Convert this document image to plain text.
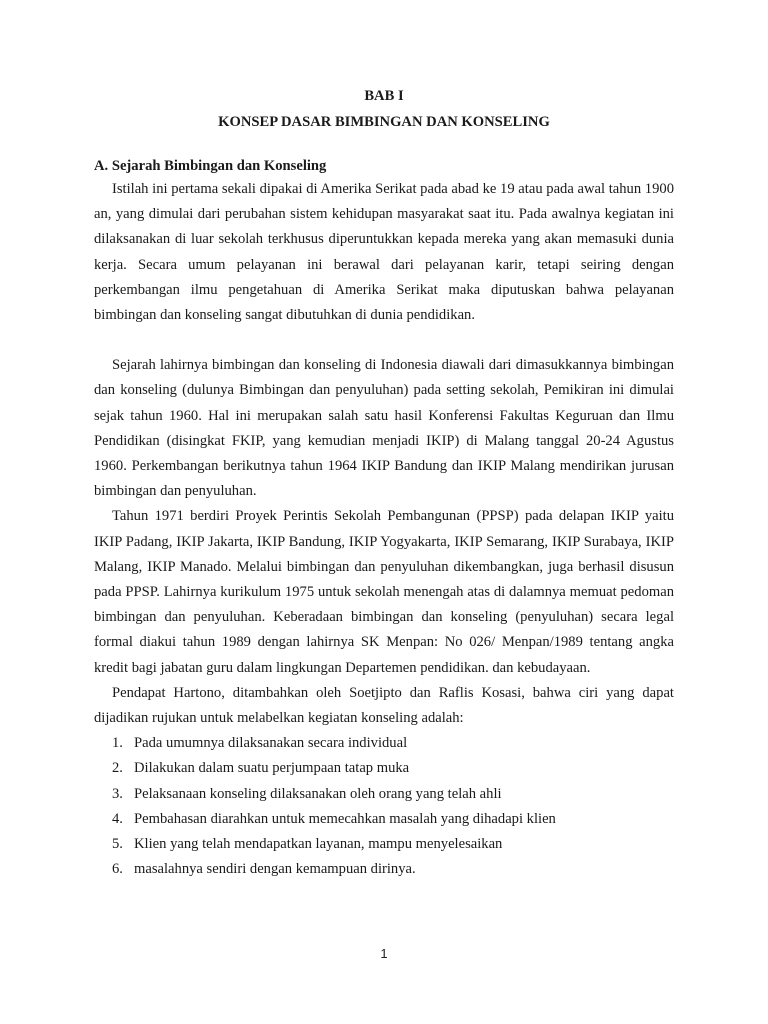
BAB I
KONSEP DASAR BIMBINGAN DAN KONSELING
A. Sejarah Bimbingan dan Konseling

Istilah ini pertama sekali dipakai di Amerika Serikat pada abad ke 19 atau pada awal tahun 1900 an, yang dimulai dari perubahan sistem kehidupan masyarakat saat itu. Pada awalnya kegiatan ini dilaksanakan di luar sekolah terkhusus diperuntukkan kepada mereka yang akan memasuki dunia kerja. Secara umum pelayanan ini berawal dari pelayanan karir, tetapi seiring dengan perkembangan ilmu pengetahuan di Amerika Serikat maka diputuskan bahwa pelayanan bimbingan dan konseling sangat dibutuhkan di dunia pendidikan.

Sejarah lahirnya bimbingan dan konseling di Indonesia diawali dari dimasukkannya bimbingan dan konseling (dulunya Bimbingan dan penyuluhan) pada setting sekolah, Pemikiran ini dimulai sejak tahun 1960. Hal ini merupakan salah satu hasil Konferensi Fakultas Keguruan dan Ilmu Pendidikan (disingkat FKIP, yang kemudian menjadi IKIP) di Malang tanggal 20-24 Agustus 1960. Perkembangan berikutnya tahun 1964 IKIP Bandung dan IKIP Malang mendirikan jurusan bimbingan dan penyuluhan.

Tahun 1971 berdiri Proyek Perintis Sekolah Pembangunan (PPSP) pada delapan IKIP yaitu IKIP Padang, IKIP Jakarta, IKIP Bandung, IKIP Yogyakarta, IKIP Semarang, IKIP Surabaya, IKIP Malang, IKIP Manado. Melalui bimbingan dan penyuluhan dikembangkan, juga berhasil disusun pada PPSP. Lahirnya kurikulum 1975 untuk sekolah menengah atas di dalamnya memuat pedoman bimbingan dan penyuluhan. Keberadaan bimbingan dan konseling (penyuluhan) secara legal formal diakui tahun 1989 dengan lahirnya SK Menpan: No 026/ Menpan/1989 tentang angka kredit bagi jabatan guru dalam lingkungan Departemen pendidikan. dan kebudayaan.

Pendapat Hartono, ditambahkan oleh Soetjipto dan Raflis Kosasi, bahwa ciri yang dapat dijadikan rujukan untuk melabelkan kegiatan konseling adalah:

1. Pada umumnya dilaksanakan secara individual
2. Dilakukan dalam suatu perjumpaan tatap muka
3. Pelaksanaan konseling dilaksanakan oleh orang yang telah ahli
4. Pembahasan diarahkan untuk memecahkan masalah yang dihadapi klien
5. Klien yang telah mendapatkan layanan, mampu menyelesaikan
6. masalahnya sendiri dengan kemampuan dirinya.
1
